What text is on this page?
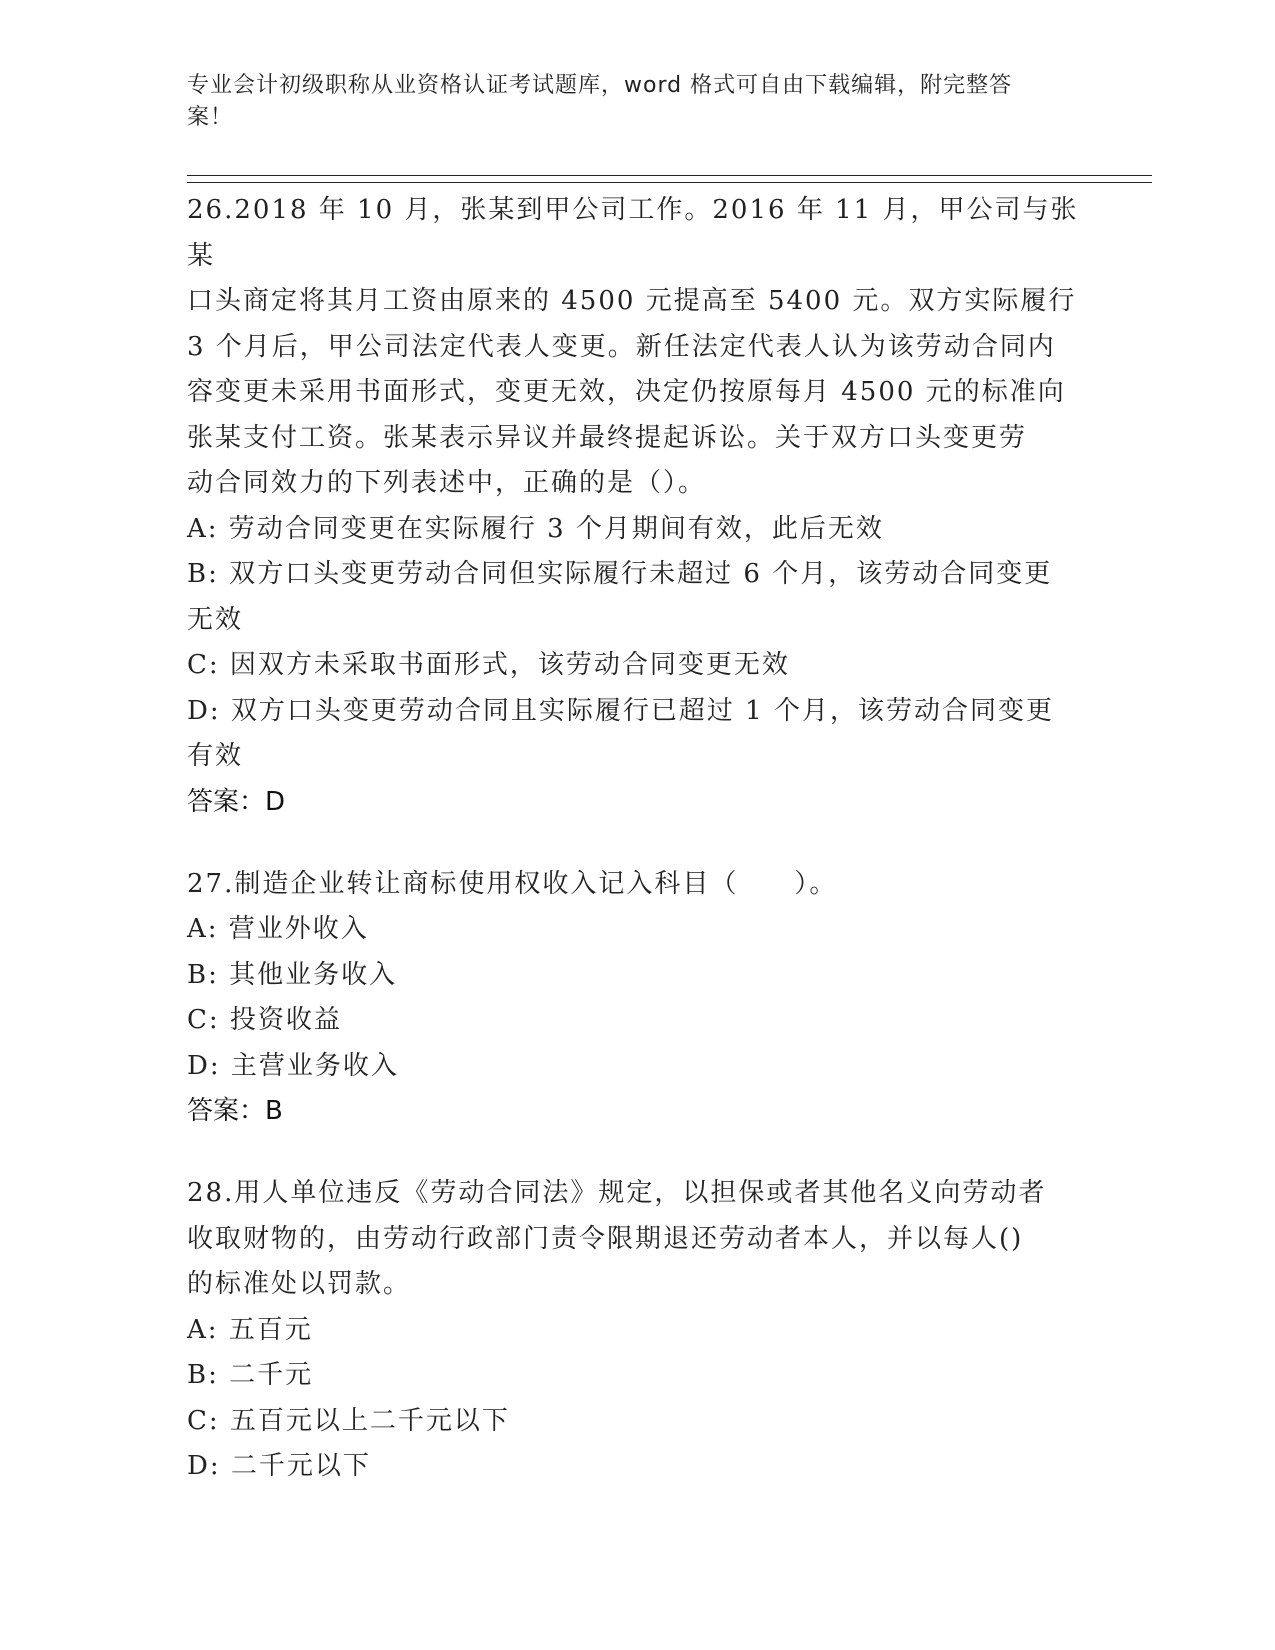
专业会计初级职称从业资格认证考试题库，word 格式可自由下载编辑，附完整答
案！

26.2018 年 10 月，张某到甲公司工作。2016 年 11 月，甲公司与张某

口头商定将其月工资由原来的 4500 元提高至 5400 元。双方实际履行

3 个月后，甲公司法定代表人变更。新任法定代表人认为该劳动合同内

容变更未采用书面形式，变更无效，决定仍按原每月 4500 元的标准向

张某支付工资。张某表示异议并最终提起诉讼。关于双方口头变更劳

动合同效力的下列表述中，正确的是（）。

A: 劳动合同变更在实际履行 3 个月期间有效，此后无效

B: 双方口头变更劳动合同但实际履行未超过 6 个月，该劳动合同变更

无效

C: 因双方未采取书面形式，该劳动合同变更无效

D: 双方口头变更劳动合同且实际履行已超过 1 个月，该劳动合同变更

有效

答案：D

27.制造企业转让商标使用权收入记入科目（　　）。

A: 营业外收入

B: 其他业务收入

C: 投资收益

D: 主营业务收入

答案：B

28.用人单位违反《劳动合同法》规定，以担保或者其他名义向劳动者

收取财物的，由劳动行政部门责令限期退还劳动者本人，并以每人()

的标准处以罚款。

A: 五百元

B: 二千元

C: 五百元以上二千元以下

D: 二千元以下
